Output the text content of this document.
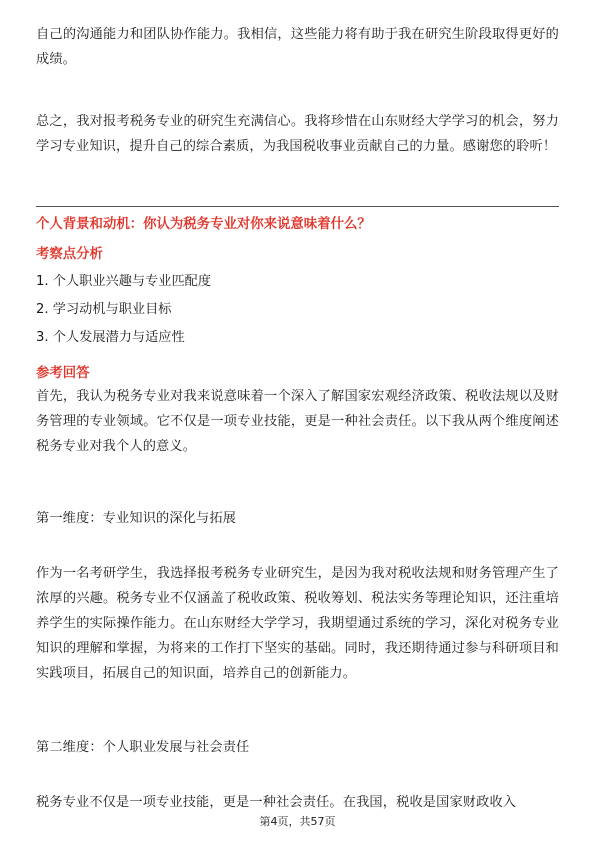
自己的沟通能力和团队协作能力。我相信，这些能力将有助于我在研究生阶段取得更好的成绩。

总之，我对报考税务专业的研究生充满信心。我将珍惜在山东财经大学学习的机会，努力学习专业知识，提升自己的综合素质，为我国税收事业贡献自己的力量。感谢您的聆听！

个人背景和动机：你认为税务专业对你来说意味着什么？

考察点分析

1. 个人职业兴趣与专业匹配度

2. 学习动机与职业目标

3. 个人发展潜力与适应性

参考回答

首先，我认为税务专业对我来说意味着一个深入了解国家宏观经济政策、税收法规以及财务管理的专业领域。它不仅是一项专业技能，更是一种社会责任。以下我从两个维度阐述税务专业对我个人的意义。

第一维度：专业知识的深化与拓展

作为一名考研学生，我选择报考税务专业研究生，是因为我对税收法规和财务管理产生了浓厚的兴趣。税务专业不仅涵盖了税收政策、税收筹划、税法实务等理论知识，还注重培养学生的实际操作能力。在山东财经大学学习，我期望通过系统的学习，深化对税务专业知识的理解和掌握，为将来的工作打下坚实的基础。同时，我还期待通过参与科研项目和实践项目，拓展自己的知识面，培养自己的创新能力。

第二维度：个人职业发展与社会责任

税务专业不仅是一项专业技能，更是一种社会责任。在我国，税收是国家财政收入

第4页，共57页
